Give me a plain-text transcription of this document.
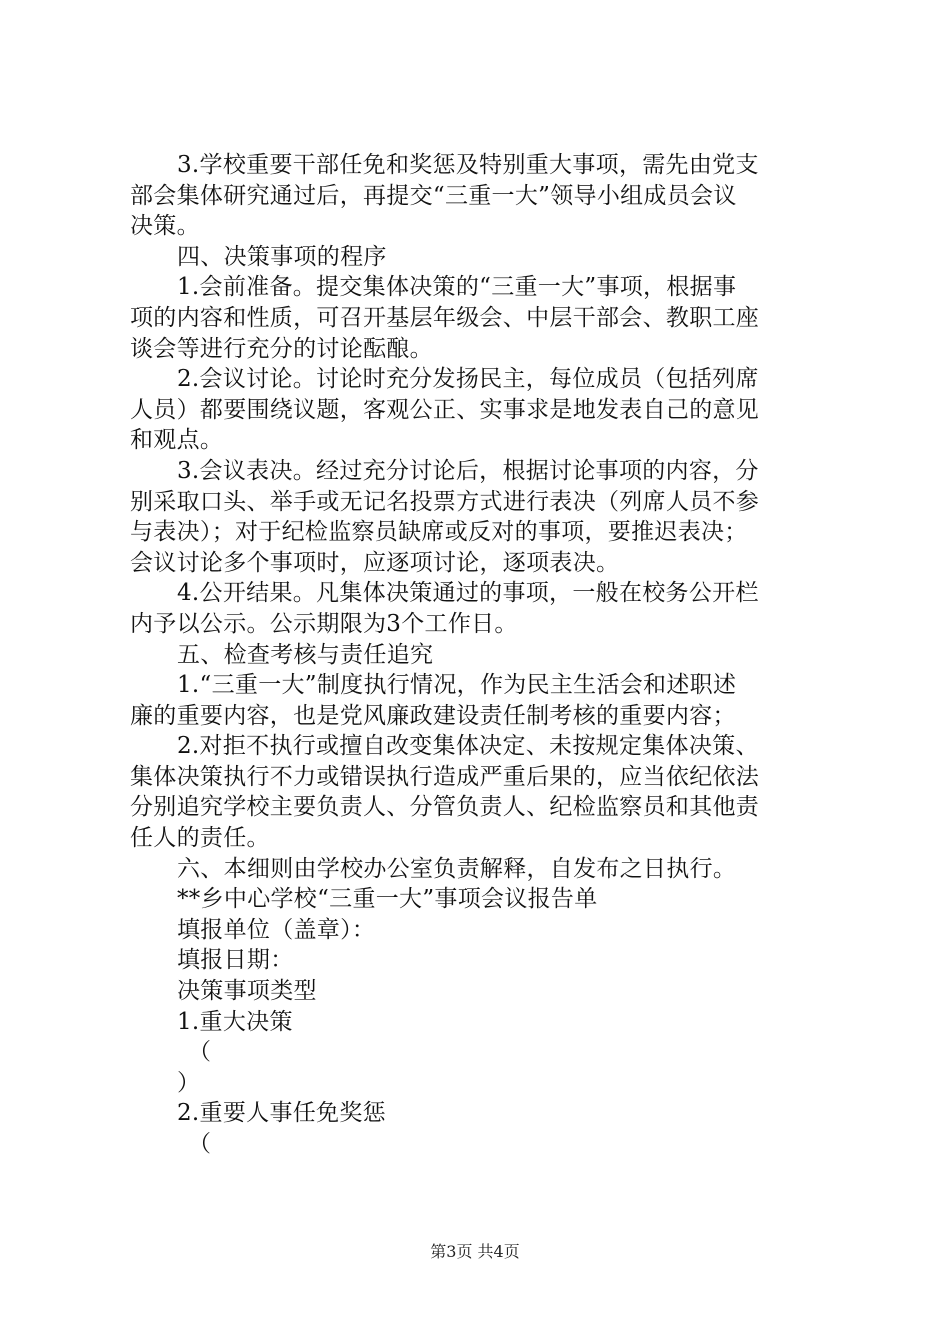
3.学校重要干部任免和奖惩及特别重大事项，需先由党支
部会集体研究通过后，再提交“三重一大”领导小组成员会议
决策。
四、决策事项的程序
1.会前准备。提交集体决策的“三重一大”事项，根据事
项的内容和性质，可召开基层年级会、中层干部会、教职工座
谈会等进行充分的讨论酝酿。
2.会议讨论。讨论时充分发扬民主，每位成员（包括列席
人员）都要围绕议题，客观公正、实事求是地发表自己的意见
和观点。
3.会议表决。经过充分讨论后，根据讨论事项的内容，分
别采取口头、举手或无记名投票方式进行表决（列席人员不参
与表决）；对于纪检监察员缺席或反对的事项，要推迟表决；
会议讨论多个事项时，应逐项讨论，逐项表决。
4.公开结果。凡集体决策通过的事项，一般在校务公开栏
内予以公示。公示期限为3个工作日。
五、检查考核与责任追究
1.“三重一大”制度执行情况，作为民主生活会和述职述
廉的重要内容，也是党风廉政建设责任制考核的重要内容；
2.对拒不执行或擅自改变集体决定、未按规定集体决策、
集体决策执行不力或错误执行造成严重后果的，应当依纪依法
分别追究学校主要负责人、分管负责人、纪检监察员和其他责
任人的责任。
六、本细则由学校办公室负责解释，自发布之日执行。
**乡中心学校“三重一大”事项会议报告单
填报单位（盖章）：
填报日期：
决策事项类型
1.重大决策
（
）
2.重要人事任免奖惩
（
第3页 共4页
